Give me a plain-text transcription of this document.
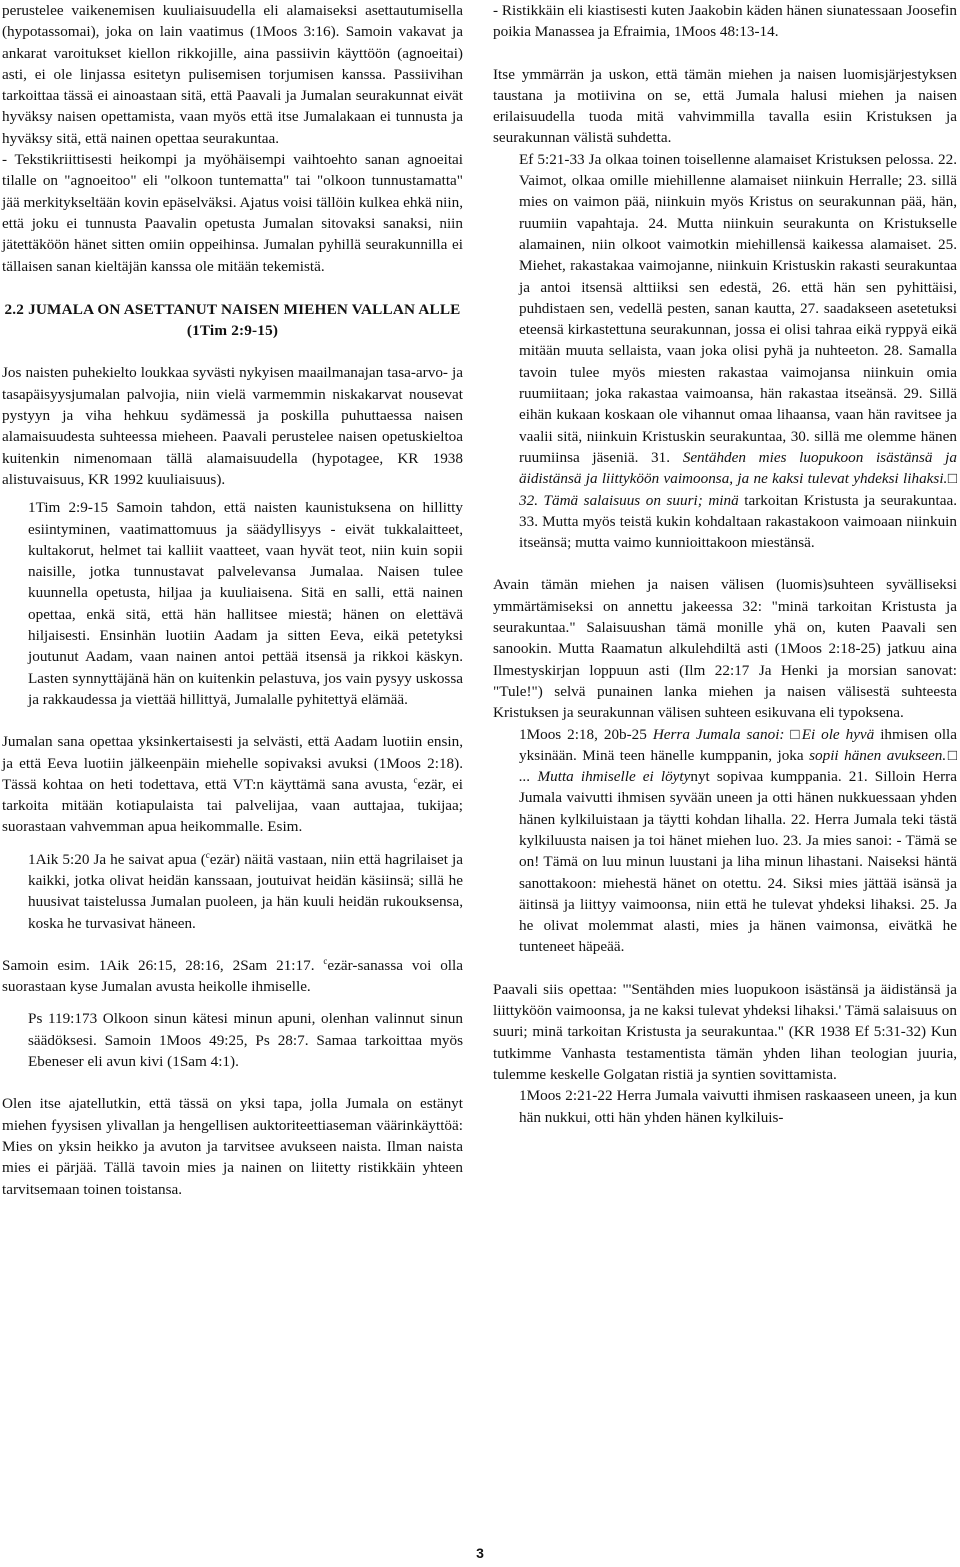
perustelee vaikenemisen kuuliaisuudella eli alamaiseksi asettautumisella (hypotassomai), joka on lain vaatimus (1Moos 3:16). Samoin vakavat ja ankarat varoitukset kiellon rikkojille, aina passiivin käyttöön (agnoeitai) asti, ei ole linjassa esitetyn pulisemisen torjumisen kanssa. Passiivihan tarkoittaa tässä ei ainoastaan sitä, että Paavali ja Jumalan seurakunnat eivät hyväksy naisen opettamista, vaan myös että itse Jumalakaan ei tunnusta ja hyväksy sitä, että nainen opettaa seurakuntaa.

- Tekstikriittisesti heikompi ja myöhäisempi vaihtoehto sanan agnoeitai tilalle on "agnoeitoo" eli "olkoon tuntematta" tai "olkoon tunnustamatta" jää merkitykseltään kovin epäselväksi. Ajatus voisi tällöin kulkea ehkä niin, että joku ei tunnusta Paavalin opetusta Jumalan sitovaksi sanaksi, niin jätettäköön hänet sitten omiin oppeihinsa. Jumalan pyhillä seurakunnilla ei tällaisen sanan kieltäjän kanssa ole mitään tekemistä.

2.2 JUMALA ON ASETTANUT NAISEN MIEHEN VALLAN ALLE (1Tim 2:9-15)

Jos naisten puhekielto loukkaa syvästi nykyisen maailmanajan tasa-arvo- ja tasapäisyysjumalan palvojia, niin vielä varmemmin niskakarvat nousevat pystyyn ja viha hehkuu sydämessä ja poskilla puhuttaessa naisen alamaisuudesta suhteessa mieheen. Paavali perustelee naisen opetuskieltoa kuitenkin nimenomaan tällä alamaisuudella (hypotagee, KR 1938 alistuvaisuus, KR 1992 kuuliaisuus).

1Tim 2:9-15 Samoin tahdon, että naisten kaunistuksena on hillitty esiintyminen, vaatimattomuus ja säädyllisyys - eivät tukkalaitteet, kultakorut, helmet tai kalliit vaatteet, vaan hyvät teot, niin kuin sopii naisille, jotka tunnustavat palvelevansa Jumalaa. Naisen tulee kuunnella opetusta, hiljaa ja kuuliaisena. Sitä en salli, että nainen opettaa, enkä sitä, että hän hallitsee miestä; hänen on elettävä hiljaisesti. Ensinhän luotiin Aadam ja sitten Eeva, eikä petetyksi joutunut Aadam, vaan nainen antoi pettää itsensä ja rikkoi käskyn. Lasten synnyttäjänä hän on kuitenkin pelastuva, jos vain pysyy uskossa ja rakkaudessa ja viettää hillittyä, Jumalalle pyhitettyä elämää.

Jumalan sana opettaa yksinkertaisesti ja selvästi, että Aadam luotiin ensin, ja että Eeva luotiin jälkeenpäin miehelle sopivaksi avuksi (1Moos 2:18). Tässä kohtaa on heti todettava, että VT:n käyttämä sana avusta, $^c$ezär, ei tarkoita mitään kotiapulaista tai palvelijaa, vaan auttajaa, tukijaa; suorastaan vahvemman apua heikommalle. Esim.

1Aik 5:20 Ja he saivat apua ($^c$ezär) näitä vastaan, niin että hagrilaiset ja kaikki, jotka olivat heidän kanssaan, joutuivat heidän käsiinsä; sillä he huusivat taistelussa Jumalan puoleen, ja hän kuuli heidän rukouksensa, koska he turvasivat häneen.

Samoin esim. 1Aik 26:15, 28:16, 2Sam 21:17. $^c$ezär-sanassa voi olla suorastaan kyse Jumalan avusta heikolle ihmiselle.

Ps 119:173 Olkoon sinun kätesi minun apuni, olenhan valinnut sinun säädöksesi. Samoin 1Moos 49:25, Ps 28:7. Samaa tarkoittaa myös Ebeneser eli avun kivi (1Sam 4:1).

Olen itse ajatellutkin, että tässä on yksi tapa, jolla Jumala on estänyt miehen fyysisen ylivallan ja hengellisen auktoriteettiaseman väärinkäyttöä: Mies on yksin heikko ja avuton ja tarvitsee avukseen naista. Ilman naista mies ei pärjää. Tällä tavoin mies ja nainen on liitetty ristikkäin yhteen tarvitsemaan toinen toistansa.

- Ristikkäin eli kiastisesti kuten Jaakobin käden hänen siunatessaan Joosefin poikia Manassea ja Efraimia, 1Moos 48:13-14.

Itse ymmärrän ja uskon, että tämän miehen ja naisen luomisjärjestyksen taustana ja motiivina on se, että Jumala halusi miehen ja naisen erilaisuudella tuoda mitä vahvimmilla tavalla esiin Kristuksen ja seurakunnan välistä suhdetta.

Ef 5:21-33 Ja olkaa toinen toisellenne alamaiset Kristuksen pelossa. 22. Vaimot, olkaa omille miehillenne alamaiset niinkuin Herralle; 23. sillä mies on vaimon pää, niinkuin myös Kristus on seurakunnan pää, hän, ruumiin vapahtaja. 24. Mutta niinkuin seurakunta on Kristukselle alamainen, niin olkoot vaimotkin miehillensä kaikessa alamaiset. 25. Miehet, rakastakaa vaimojanne, niinkuin Kristuskin rakasti seurakuntaa ja antoi itsensä alttiiksi sen edestä, 26. että hän sen pyhittäisi, puhdistaen sen, vedellä pesten, sanan kautta, 27. saadakseen asetetuksi eteensä kirkastettuna seurakunnan, jossa ei olisi tahraa eikä ryppyä eikä mitään muuta sellaista, vaan joka olisi pyhä ja nuhteeton. 28. Samalla tavoin tulee myös miesten rakastaa vaimojansa niinkuin omia ruumiitaan; joka rakastaa vaimoansa, hän rakastaa itseänsä. 29. Sillä eihän kukaan koskaan ole vihannut omaa lihaansa, vaan hän ravitsee ja vaalii sitä, niinkuin Kristuskin seurakuntaa, 30. sillä me olemme hänen ruumiinsa jäseniä. 31. Sentähden mies luopukoon isästänsä ja äidistänsä ja liittyköön vaimoonsa, ja ne kaksi tulevat yhdeksi lihaksi.□ 32. Tämä salaisuus on suuri; minä tarkoitan Kristusta ja seurakuntaa. 33. Mutta myös teistä kukin kohdaltaan rakastakoon vaimoaan niinkuin itseänsä; mutta vaimo kunnioittakoon miestänsä.

Avain tämän miehen ja naisen välisen (luomis)suhteen syvälliseksi ymmärtämiseksi on annettu jakeessa 32: "minä tarkoitan Kristusta ja seurakuntaa." Salaisuushan tämä monille yhä on, kuten Paavali sen sanookin. Mutta Raamatun alkulehdiltä asti (1Moos 2:18-25) jatkuu aina Ilmestyskirjan loppuun asti (Ilm 22:17 Ja Henki ja morsian sanovat: "Tule!") selvä punainen lanka miehen ja naisen välisestä suhteesta Kristuksen ja seurakunnan välisen suhteen esikuvana eli typoksena.

1Moos 2:18, 20b-25 Herra Jumala sanoi: □Ei ole hyvä ihmisen olla yksinään. Minä teen hänelle kumppanin, joka sopii hänen avukseen.□ ... Mutta ihmiselle ei löytynyt sopivaa kumppania. 21. Silloin Herra Jumala vaivutti ihmisen syvään uneen ja otti hänen nukkuessaan yhden hänen kylkiluistaan ja täytti kohdan lihalla. 22. Herra Jumala teki tästä kylkiluusta naisen ja toi hänet miehen luo. 23. Ja mies sanoi: - Tämä se on! Tämä on luu minun luustani ja liha minun lihastani. Naiseksi häntä sanottakoon: miehestä hänet on otettu. 24. Siksi mies jättää isänsä ja äitinsä ja liittyy vaimoonsa, niin että he tulevat yhdeksi lihaksi. 25. Ja he olivat molemmat alasti, mies ja hänen vaimonsa, eivätkä he tunteneet häpeää.

Paavali siis opettaa: "'Sentähden mies luopukoon isästänsä ja äidistänsä ja liittyköön vaimoonsa, ja ne kaksi tulevat yhdeksi lihaksi.' Tämä salaisuus on suuri; minä tarkoitan Kristusta ja seurakuntaa." (KR 1938 Ef 5:31-32) Kun tutkimme Vanhasta testamentista tämän yhden lihan teologian juuria, tulemme keskelle Golgatan ristiä ja syntien sovittamista.

1Moos 2:21-22 Herra Jumala vaivutti ihmisen raskaaseen uneen, ja kun hän nukkui, otti hän yhden hänen kylkiluis-

3
